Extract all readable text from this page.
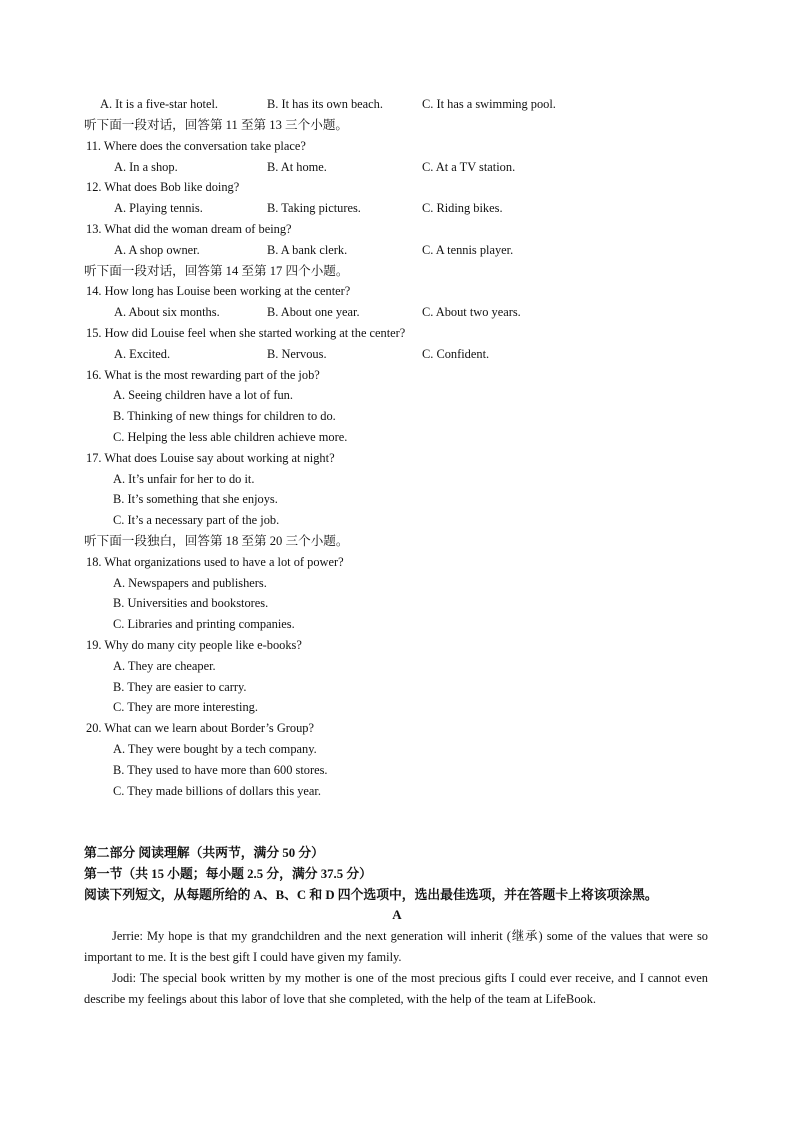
A. It is a five-star hotel.	B. It has its own beach.	C. It has a swimming pool.
听下面一段对话，回答第 11 至第 13 三个小题。
11. Where does the conversation take place?
A. In a shop.	B. At home.	C. At a TV station.
12. What does Bob like doing?
A. Playing tennis.	B. Taking pictures.	C. Riding bikes.
13. What did the woman dream of being?
A. A shop owner.	B. A bank clerk.	C. A tennis player.
听下面一段对话，回答第 14 至第 17 四个小题。
14. How long has Louise been working at the center?
A. About six months.	B. About one year.	C. About two years.
15. How did Louise feel when she started working at the center?
A. Excited.	B. Nervous.	C. Confident.
16. What is the most rewarding part of the job?
A. Seeing children have a lot of fun.
B. Thinking of new things for children to do.
C. Helping the less able children achieve more.
17. What does Louise say about working at night?
A. It’s unfair for her to do it.
B. It’s something that she enjoys.
C. It’s a necessary part of the job.
听下面一段独白，回答第 18 至第 20 三个小题。
18. What organizations used to have a lot of power?
A. Newspapers and publishers.
B. Universities and bookstores.
C. Libraries and printing companies.
19. Why do many city people like e-books?
A. They are cheaper.
B. They are easier to carry.
C. They are more interesting.
20. What can we learn about Border’s Group?
A. They were bought by a tech company.
B. They used to have more than 600 stores.
C. They made billions of dollars this year.
第二部分 阅读理解（共两节，满分 50 分）
第一节（共 15 小题；每小题 2.5 分，满分 37.5 分）
阅读下列短文，从每题所给的 A、B、C 和 D 四个选项中，选出最佳选项，并在答题卡上将该项涂黑。
A
Jerrie: My hope is that my grandchildren and the next generation will inherit (继承) some of the values that were so important to me. It is the best gift I could have given my family.
Jodi: The special book written by my mother is one of the most precious gifts I could ever receive, and I cannot even describe my feelings about this labor of love that she completed, with the help of the team at LifeBook.
